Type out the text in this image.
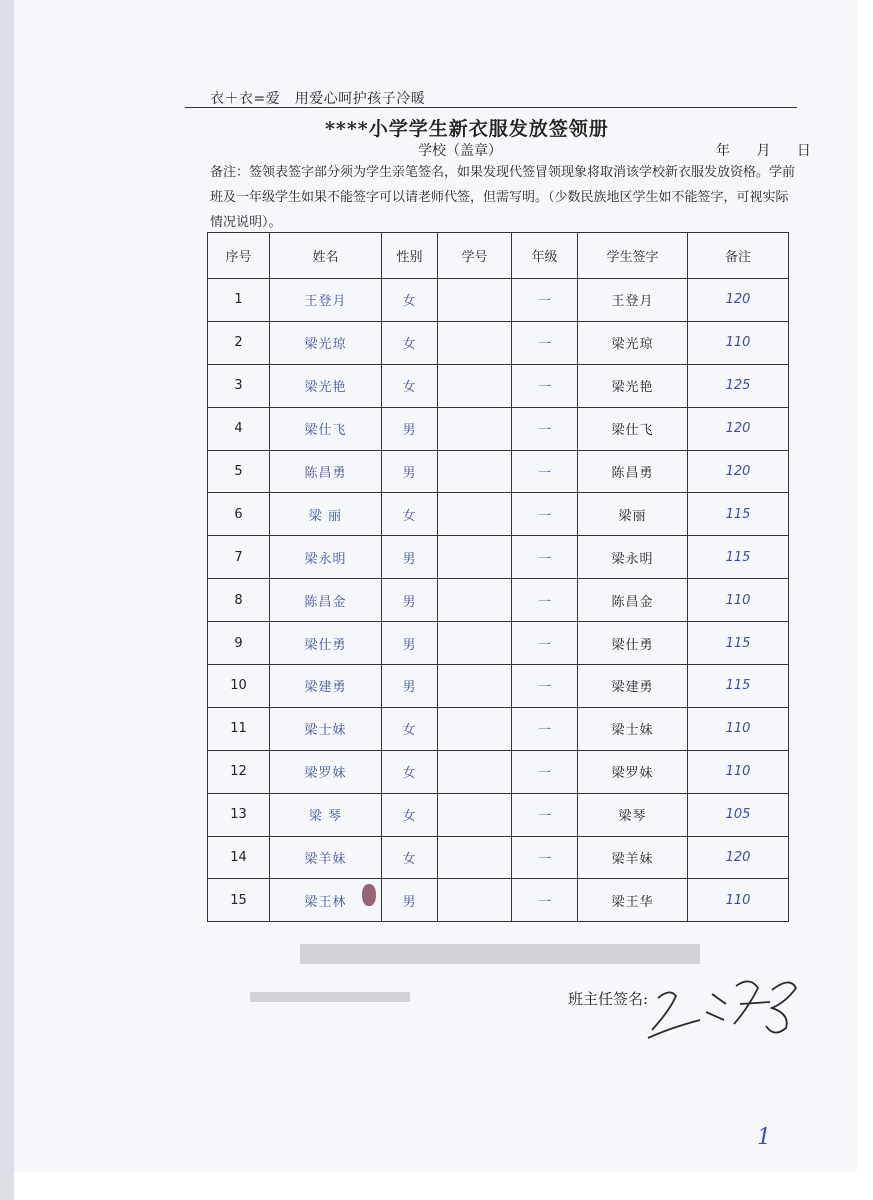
衣＋衣=爱　用爱心呵护孩子冷暖
****小学学生新衣服发放签领册
学校（盖章）	年 月 日
备注：签领表签字部分须为学生亲笔签名，如果发现代签冒领现象将取消该学校新衣服发放资格。学前班及一年级学生如果不能签字可以请老师代签，但需写明。（少数民族地区学生如不能签字，可视实际情况说明）。
序号	姓名	性别	学号	年级	学生签字	备注
1	王登月	女		一	王登月	120
2	梁光琼	女		一	梁光琼	110
3	梁光艳	女		一	梁光艳	125
4	梁仕飞	男		一	梁仕飞	120
5	陈昌勇	男		一	陈昌勇	120
6	梁 丽	女		一	梁丽	115
7	梁永明	男		一	梁永明	115
8	陈昌金	男		一	陈昌金	110
9	梁仕勇	男		一	梁仕勇	115
10	梁建勇	男		一	梁建勇	115
11	梁士妹	女		一	梁士妹	110
12	梁罗妹	女		一	梁罗妹	110
13	梁 琴	女		一	梁琴	105
14	梁羊妹	女		一	梁羊妹	120
15	梁王林	男		一	梁王华	110
班主任签名:
1
